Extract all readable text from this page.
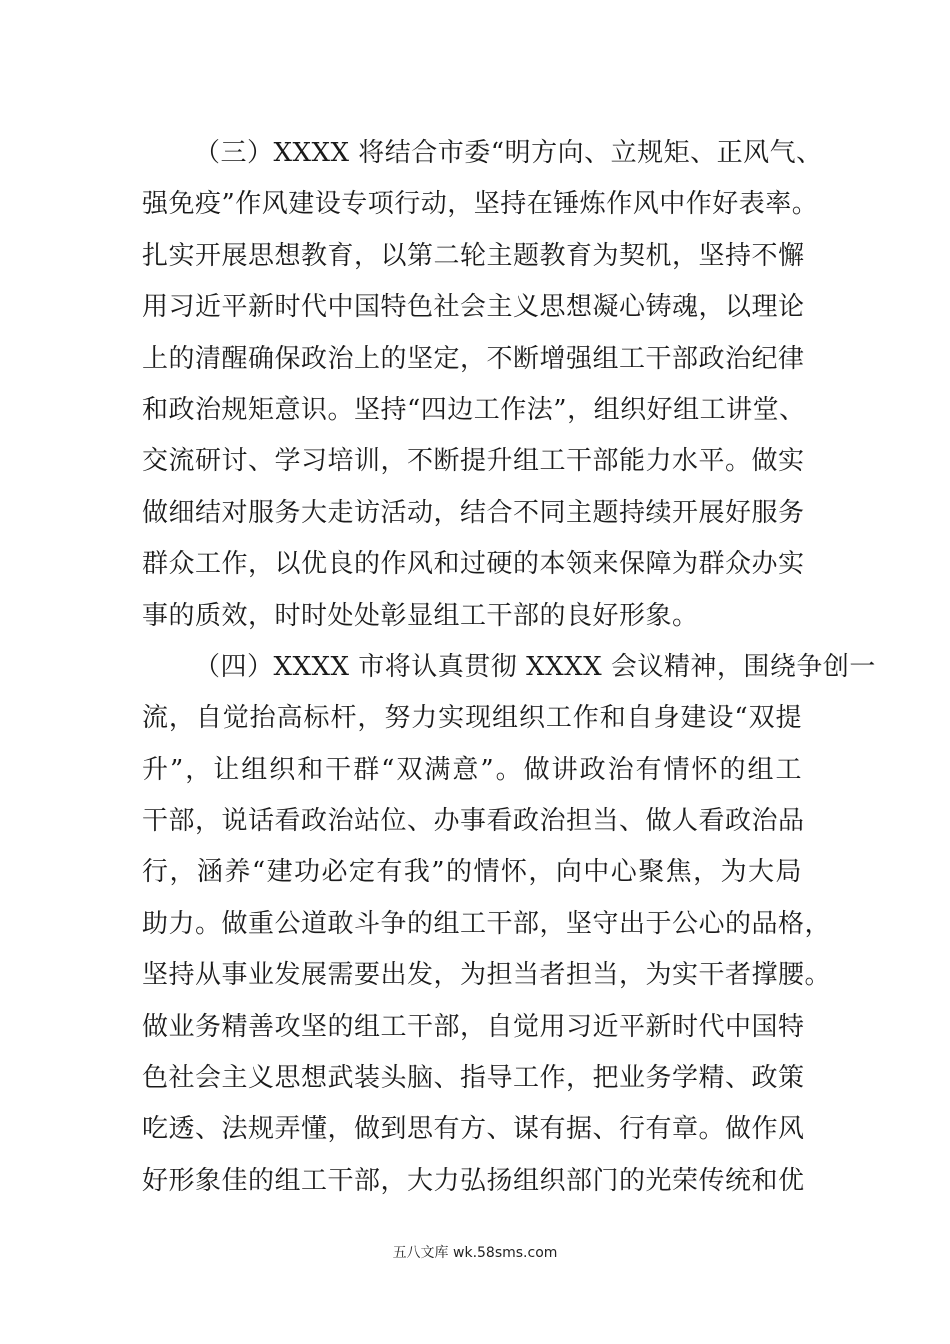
（三）XXXX 将结合市委“明方向、立规矩、正风气、
强免疫”作风建设专项行动，坚持在锤炼作风中作好表率。
扎实开展思想教育，以第二轮主题教育为契机，坚持不懈
用习近平新时代中国特色社会主义思想凝心铸魂，以理论
上的清醒确保政治上的坚定，不断增强组工干部政治纪律
和政治规矩意识。坚持“四边工作法”，组织好组工讲堂、
交流研讨、学习培训，不断提升组工干部能力水平。做实
做细结对服务大走访活动，结合不同主题持续开展好服务
群众工作，以优良的作风和过硬的本领来保障为群众办实
事的质效，时时处处彰显组工干部的良好形象。
（四）XXXX 市将认真贯彻 XXXX 会议精神，围绕争创一
流，自觉抬高标杆，努力实现组织工作和自身建设“双提
升”，让组织和干群“双满意”。做讲政治有情怀的组工
干部，说话看政治站位、办事看政治担当、做人看政治品
行，涵养“建功必定有我”的情怀，向中心聚焦，为大局
助力。做重公道敢斗争的组工干部，坚守出于公心的品格，
坚持从事业发展需要出发，为担当者担当，为实干者撑腰。
做业务精善攻坚的组工干部，自觉用习近平新时代中国特
色社会主义思想武装头脑、指导工作，把业务学精、政策
吃透、法规弄懂，做到思有方、谋有据、行有章。做作风
好形象佳的组工干部，大力弘扬组织部门的光荣传统和优
五八文库 wk.58sms.com
